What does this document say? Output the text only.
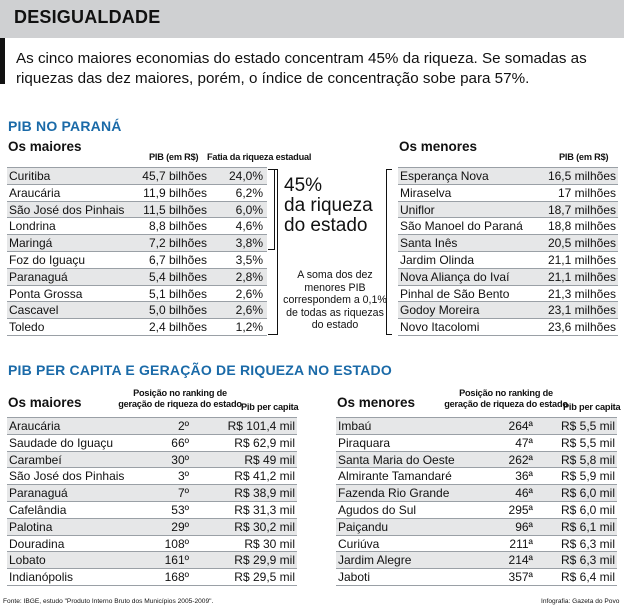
DESIGUALDADE

As cinco maiores economias do estado concentram 45% da riqueza. Se somadas as riquezas das dez maiores, porém, o índice de concentração sobe para 57%.

PIB NO PARANÁ
Os maiores
PIB (em R$) Fatia da riqueza estadual
Curitiba	45,7 bilhões 24,0%
Araucária	11,9 bilhões 6,2%
São José dos Pinhais 11,5 bilhões 6,0%
Londrina	8,8 bilhões 4,6%
Maringá	7,2 bilhões 3,8%
Foz do Iguaçu	6,7 bilhões 3,5%
Paranaguá	5,4 bilhões 2,8%
Ponta Grossa	5,1 bilhões 2,6%
Cascavel	5,0 bilhões 2,6%
Toledo	2,4 bilhões 1,2%
45%
da riqueza
do estado
A soma dos dez menores PIB correspondem a 0,1% de todas as riquezas do estado
Os menores
PIB (em R$)
Esperança Nova	16,5 milhões
Miraselva	17 milhões
Uniflor	18,7 milhões
São Manoel do Paraná 18,8 milhões
Santa Inês	20,5 milhões
Jardim Olinda	21,1 milhões
Nova Aliança do Ivaí	21,1 milhões
Pinhal de São Bento	21,3 milhões
Godoy Moreira	23,1 milhões
Novo Itacolomi	23,6 milhões
PIB PER CAPITA E GERAÇÃO DE RIQUEZA NO ESTADO
Os maiores
Posição no ranking de geração de riqueza do estado Pib per capita
Araucária	2º	R$ 101,4 mil
Saudade do Iguaçu	66º	R$ 62,9 mil
Carambeí	30º	R$ 49 mil
São José dos Pinhais	3º	R$ 41,2 mil
Paranaguá	7º	R$ 38,9 mil
Cafelândia	53º	R$ 31,3 mil
Palotina	29º	R$ 30,2 mil
Douradina	108º	R$ 30 mil
Lobato	161º	R$ 29,9 mil
Indianópolis	168º	R$ 29,5 mil
Os menores
Posição no ranking de geração de riqueza do estado
Pib per capita
Imbaú	264ª R$ 5,5 mil
Piraquara	47ª R$ 5,5 mil
Santa Maria do Oeste	262ª R$ 5,8 mil
Almirante Tamandaré	36ª R$ 5,9 mil
Fazenda Rio Grande	46ª R$ 6,0 mil
Agudos do Sul	295ª R$ 6,0 mil
Paiçandu	96ª R$ 6,1 mil
Curiúva	211ª R$ 6,3 mil
Jardim Alegre	214ª R$ 6,3 mil
Jaboti	357ª R$ 6,4 mil
Fonte: IBGE, estudo "Produto Interno Bruto dos Municípios 2005-2009".	Infografia: Gazeta do Povo
